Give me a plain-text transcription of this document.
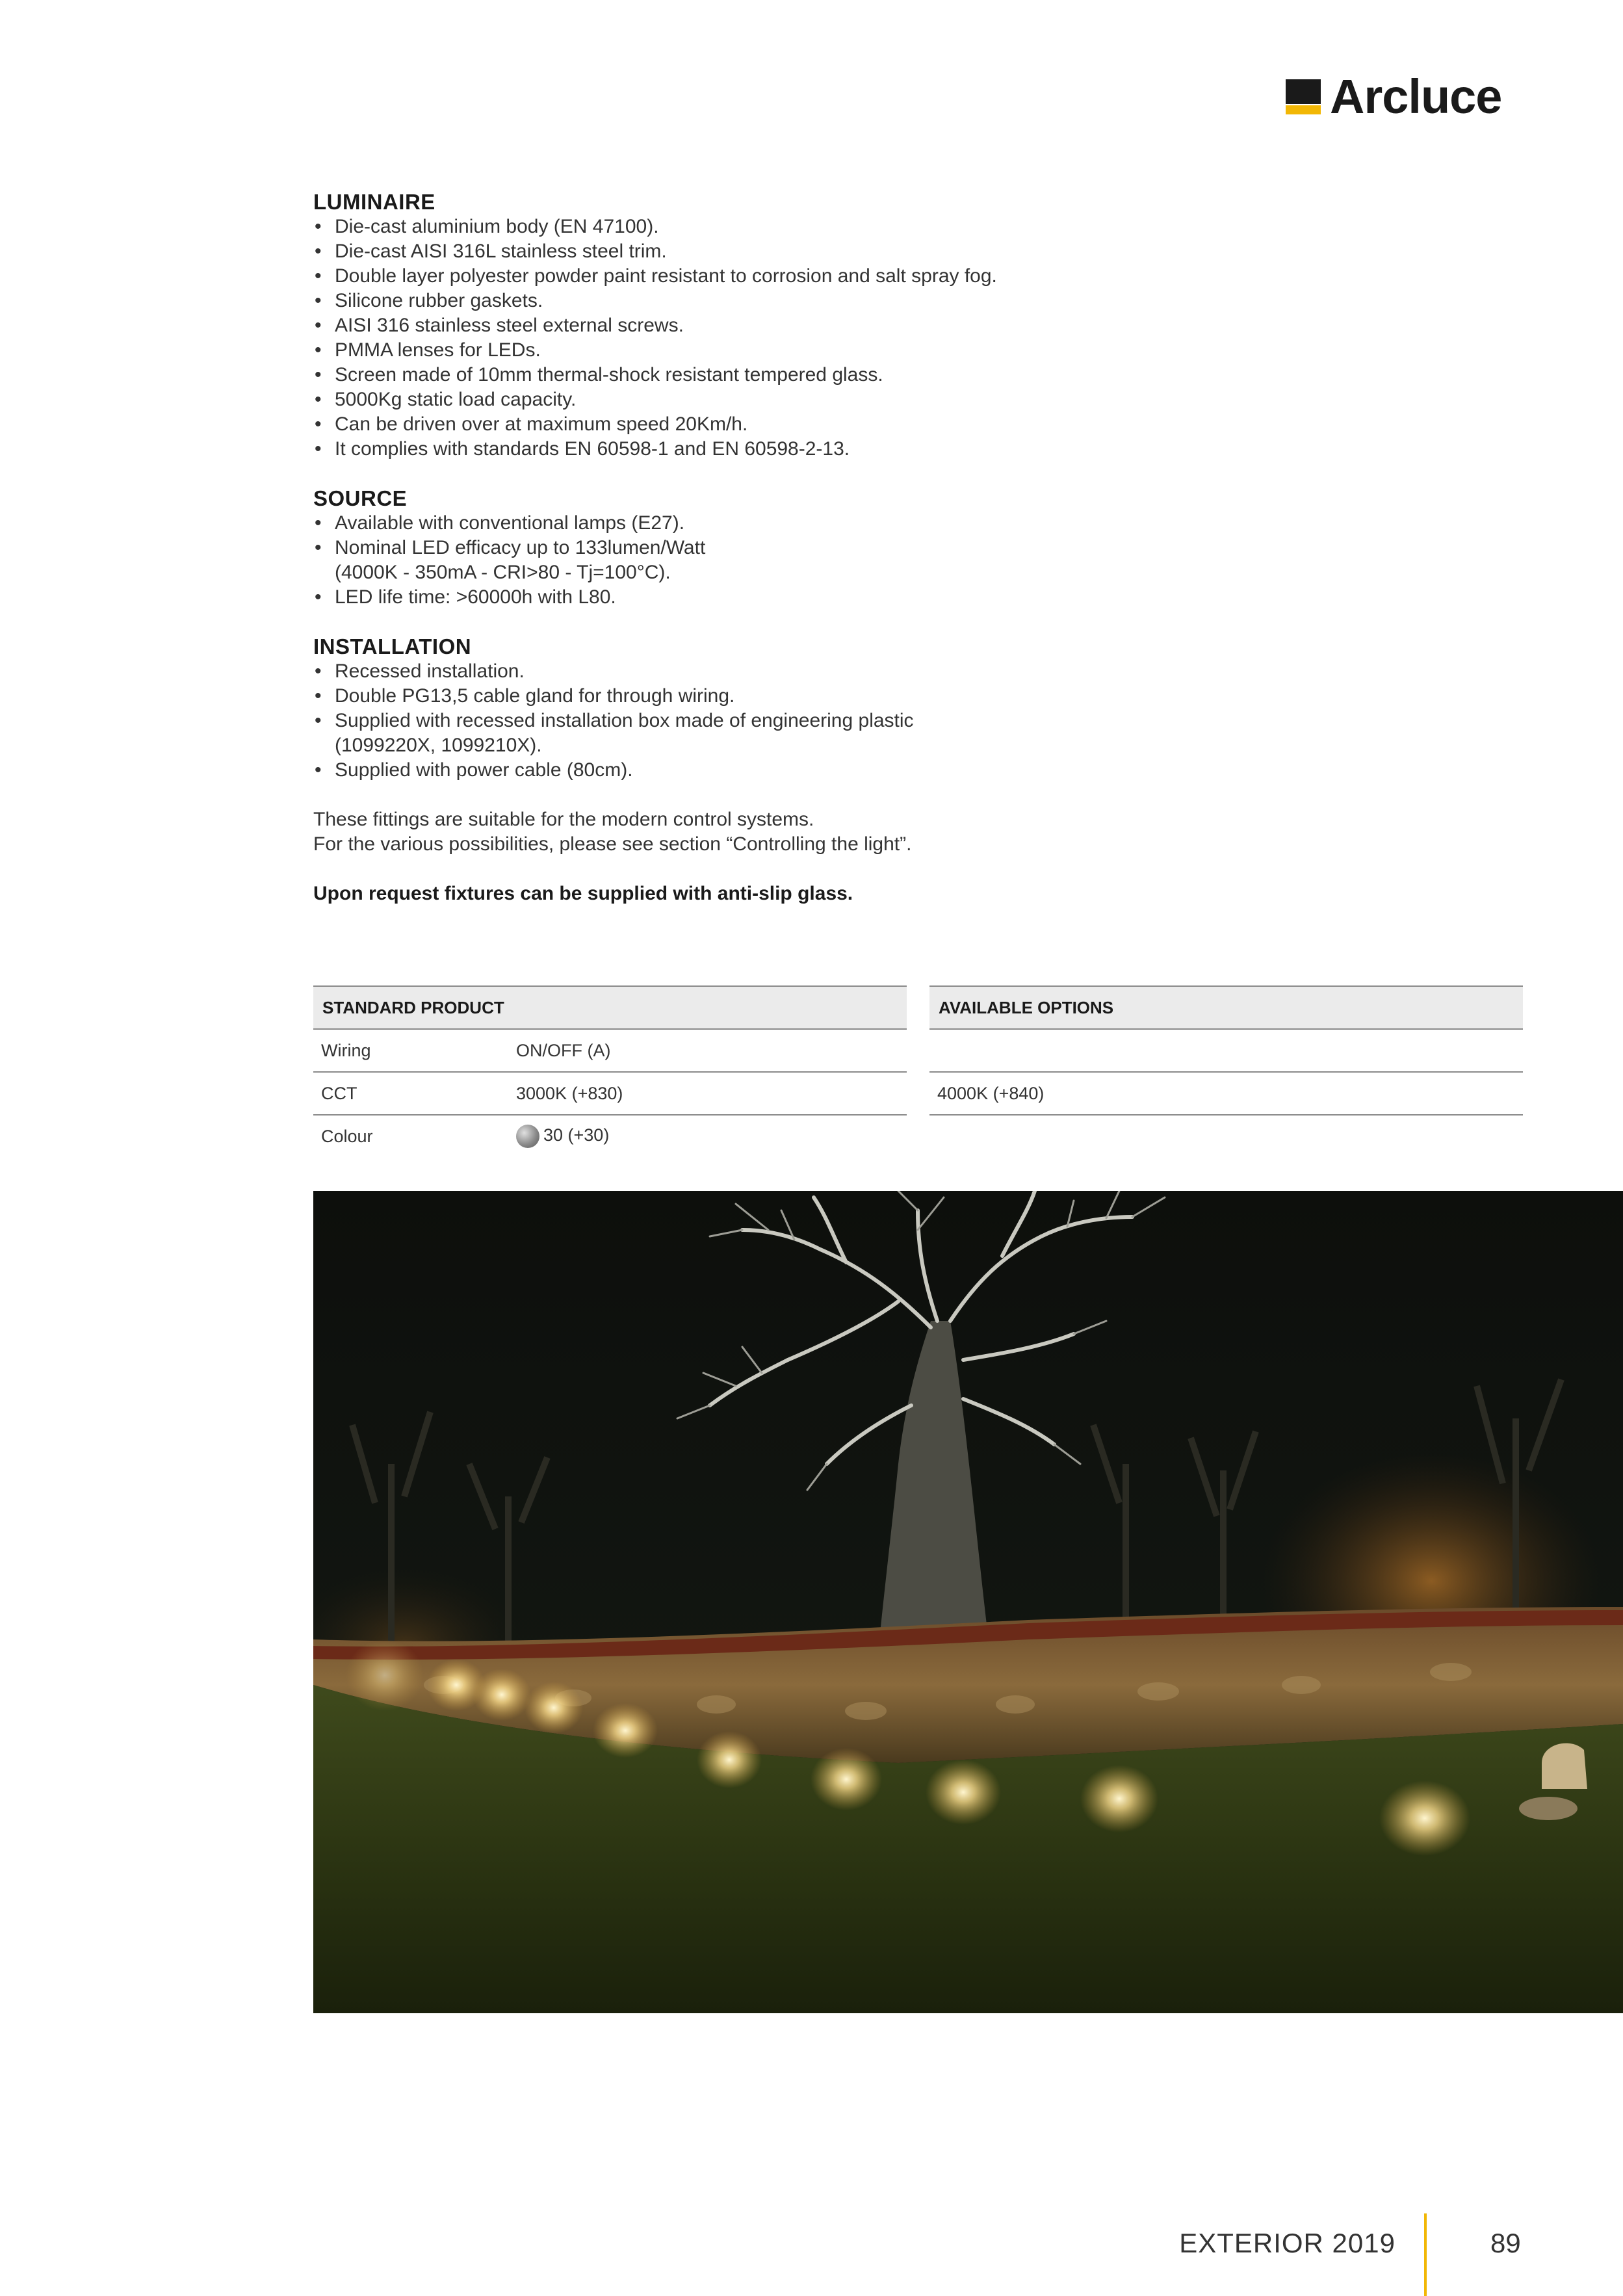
Arcluce

LUMINAIRE

• Die-cast aluminium body (EN 47100).
• Die-cast AISI 316L stainless steel trim.
• Double layer polyester powder paint resistant to corrosion and salt spray fog.
• Silicone rubber gaskets.
• AISI 316 stainless steel external screws.
• PMMA lenses for LEDs.
• Screen made of 10mm thermal-shock resistant tempered glass.
• 5000Kg static load capacity.
• Can be driven over at maximum speed 20Km/h.
• It complies with standards EN 60598-1 and EN 60598-2-13.

SOURCE

• Available with conventional lamps (E27).
• Nominal LED efficacy up to 133lumen/Watt
(4000K - 350mA - CRI>80 - Tj=100°C).
• LED life time: >60000h with L80.

INSTALLATION

• Recessed installation.
• Double PG13,5 cable gland for through wiring.
• Supplied with recessed installation box made of engineering plastic
(1099220X, 1099210X).
• Supplied with power cable (80cm).

These fittings are suitable for the modern control systems.

For the various possibilities, please see section “Controlling the light”.

Upon request fixtures can be supplied with anti-slip glass.

STANDARD PRODUCT
Wiring	ON/OFF (A)
CCT	3000K (+830)
Colour	30 (+30)
AVAILABLE OPTIONS
4000K (+840)
EXTERIOR 2019	89
